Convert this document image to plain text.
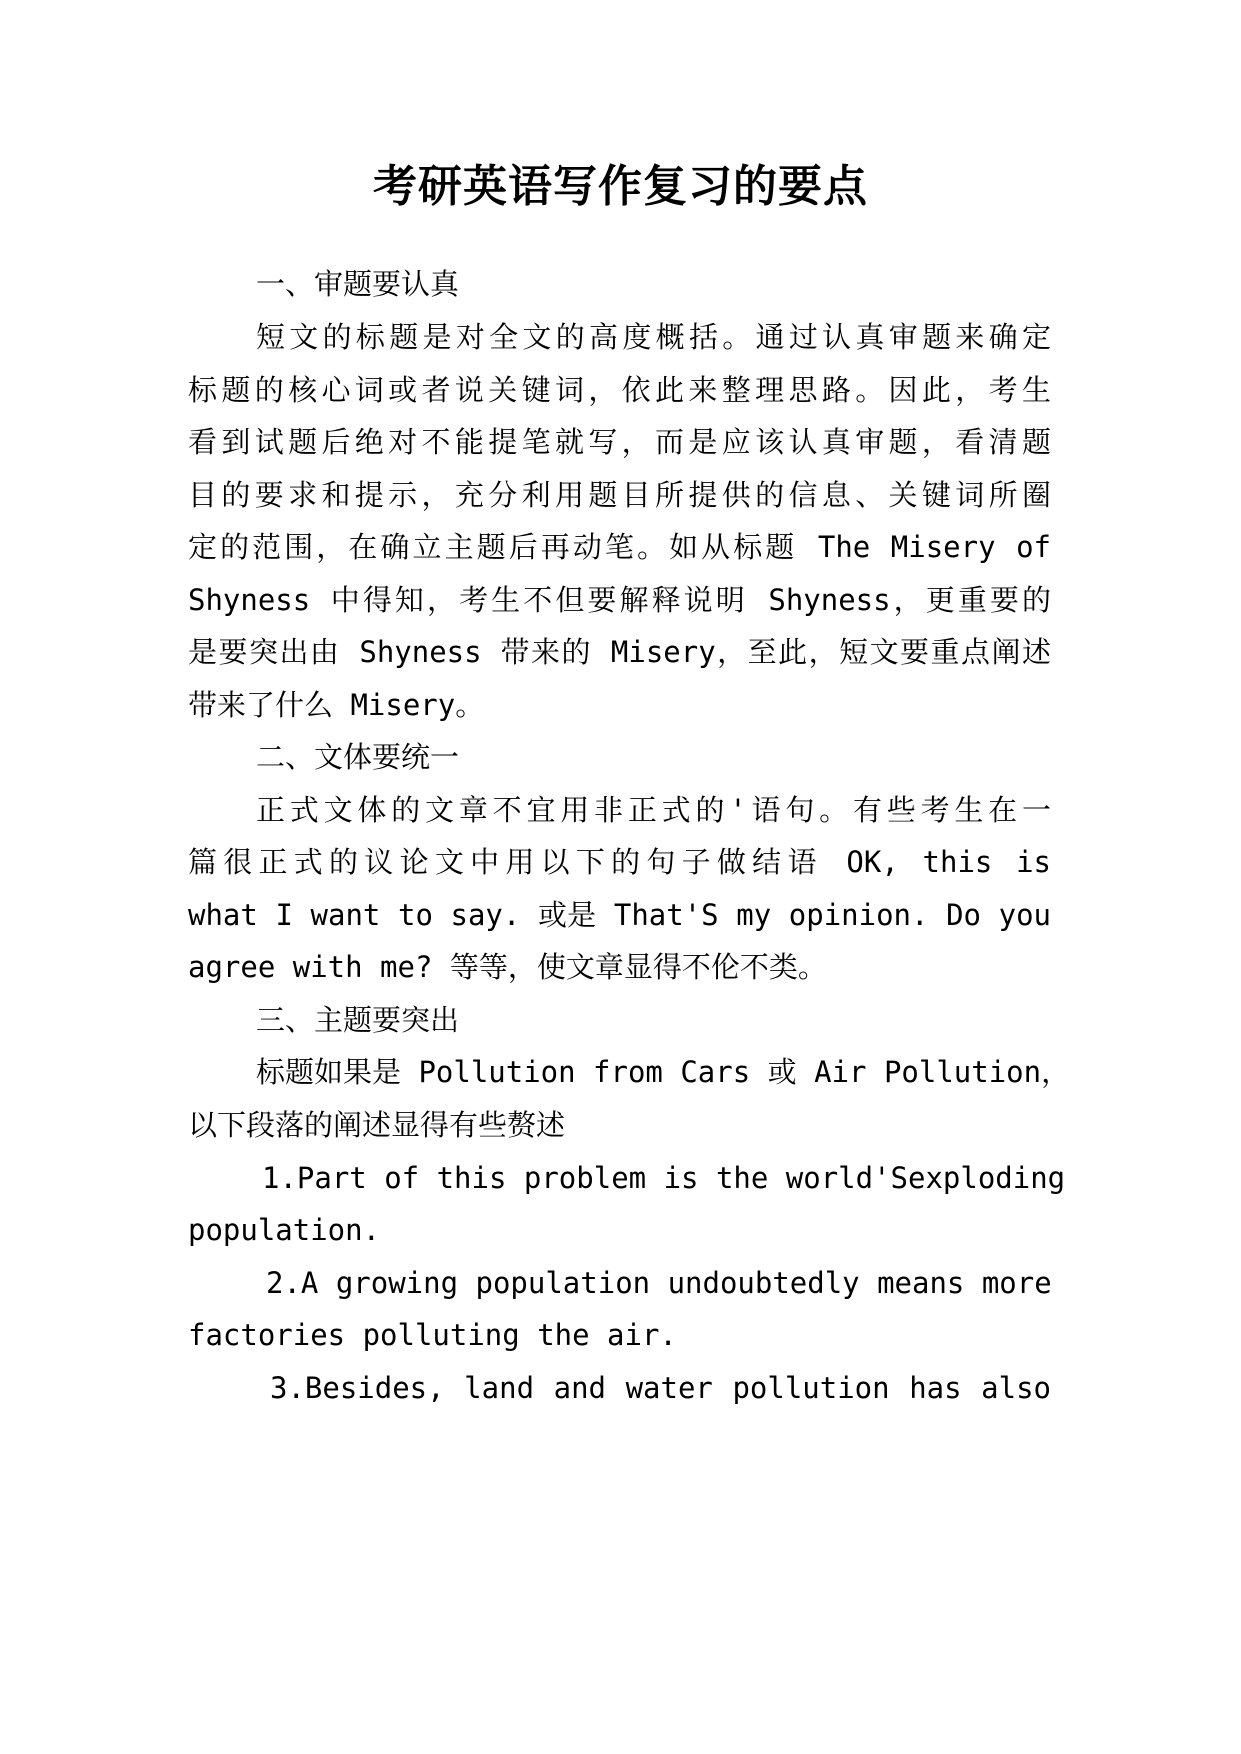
考研英语写作复习的要点

一、审题要认真

短文的标题是对全文的高度概括。通过认真审题来确定

标题的核心词或者说关键词，依此来整理思路。因此，考生

看到试题后绝对不能提笔就写，而是应该认真审题，看清题

目的要求和提示，充分利用题目所提供的信息、关键词所圈

定的范围，在确立主题后再动笔。如从标题 The Misery of

Shyness 中得知，考生不但要解释说明 Shyness，更重要的

是要突出由 Shyness 带来的 Misery，至此，短文要重点阐述

带来了什么 Misery。

二、文体要统一

正式文体的文章不宜用非正式的'语句。有些考生在一

篇很正式的议论文中用以下的句子做结语 OK, this is

what I want to say. 或是 That'S my opinion. Do you

agree with me? 等等，使文章显得不伦不类。

三、主题要突出

标题如果是 Pollution from Cars 或 Air Pollution，

以下段落的阐述显得有些赘述

1.Part of this problem is the world'Sexploding

population.

2.A growing population undoubtedly means more

factories polluting the air.

3.Besides, land and water pollution has also
